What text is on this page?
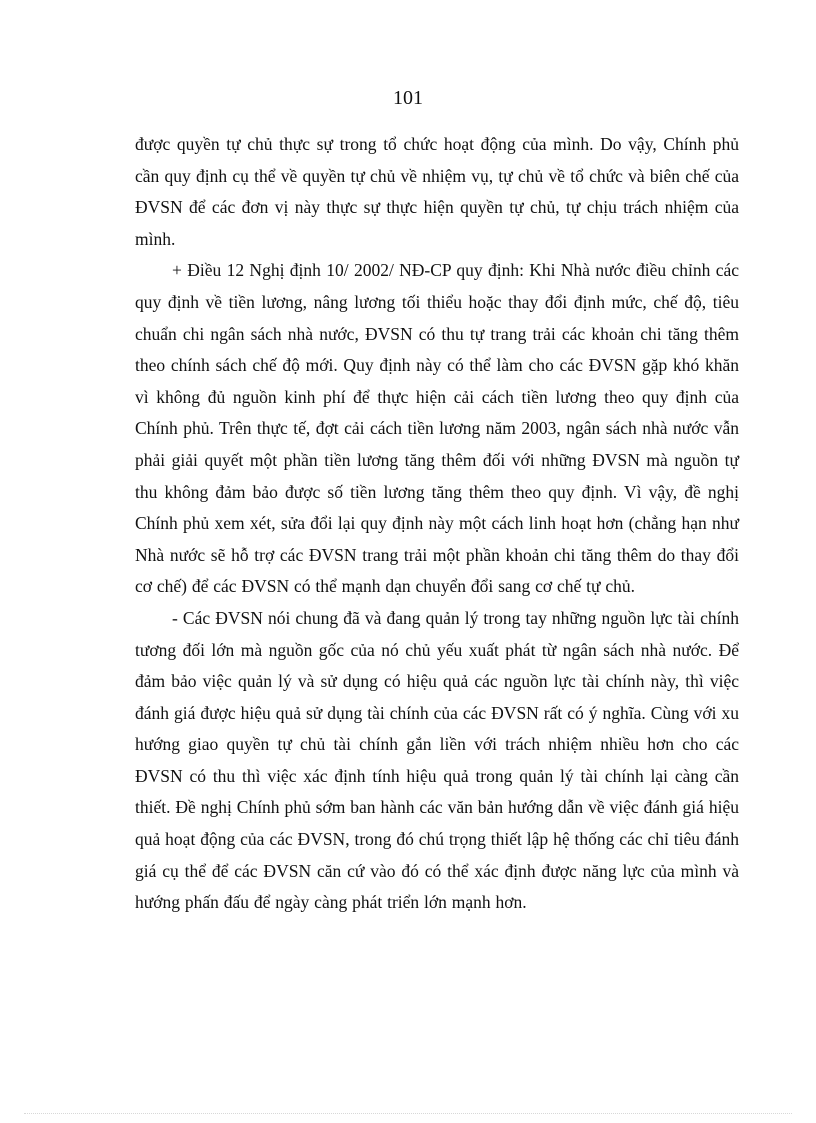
101

được quyền tự chủ thực sự trong tổ chức hoạt động của mình. Do vậy, Chính phủ cần quy định cụ thể về quyền tự chủ về nhiệm vụ, tự chủ về tổ chức và biên chế của ĐVSN để các đơn vị này thực sự thực hiện quyền tự chủ, tự chịu trách nhiệm của mình.

+ Điều 12 Nghị định 10/ 2002/ NĐ-CP quy định: Khi Nhà nước điều chỉnh các quy định về tiền lương, nâng lương tối thiểu hoặc thay đổi định mức, chế độ, tiêu chuẩn chi ngân sách nhà nước, ĐVSN có thu tự trang trải các khoản chi tăng thêm theo chính sách chế độ mới. Quy định này có thể làm cho các ĐVSN gặp khó khăn vì không đủ nguồn kinh phí để thực hiện cải cách tiền lương theo quy định của Chính phủ. Trên thực tế, đợt cải cách tiền lương năm 2003, ngân sách nhà nước vẫn phải giải quyết một phần tiền lương tăng thêm đối với những ĐVSN mà nguồn tự thu không đảm bảo được số tiền lương tăng thêm theo quy định. Vì vậy, đề nghị Chính phủ xem xét, sửa đổi lại quy định này một cách linh hoạt hơn (chẳng hạn như Nhà nước sẽ hỗ trợ các ĐVSN trang trải một phần khoản chi tăng thêm do thay đổi cơ chế) để các ĐVSN có thể mạnh dạn chuyển đổi sang cơ chế tự chủ.

- Các ĐVSN nói chung đã và đang quản lý trong tay những nguồn lực tài chính tương đối lớn mà nguồn gốc của nó chủ yếu xuất phát từ ngân sách nhà nước. Để đảm bảo việc quản lý và sử dụng có hiệu quả các nguồn lực tài chính này, thì việc đánh giá được hiệu quả sử dụng tài chính của các ĐVSN rất có ý nghĩa. Cùng với xu hướng giao quyền tự chủ tài chính gắn liền với trách nhiệm nhiều hơn cho các ĐVSN có thu thì việc xác định tính hiệu quả trong quản lý tài chính lại càng cần thiết. Đề nghị Chính phủ sớm ban hành các văn bản hướng dẫn về việc đánh giá hiệu quả hoạt động của các ĐVSN, trong đó chú trọng thiết lập hệ thống các chỉ tiêu đánh giá cụ thể để các ĐVSN căn cứ vào đó có thể xác định được năng lực của mình và hướng phấn đấu để ngày càng phát triển lớn mạnh hơn.
